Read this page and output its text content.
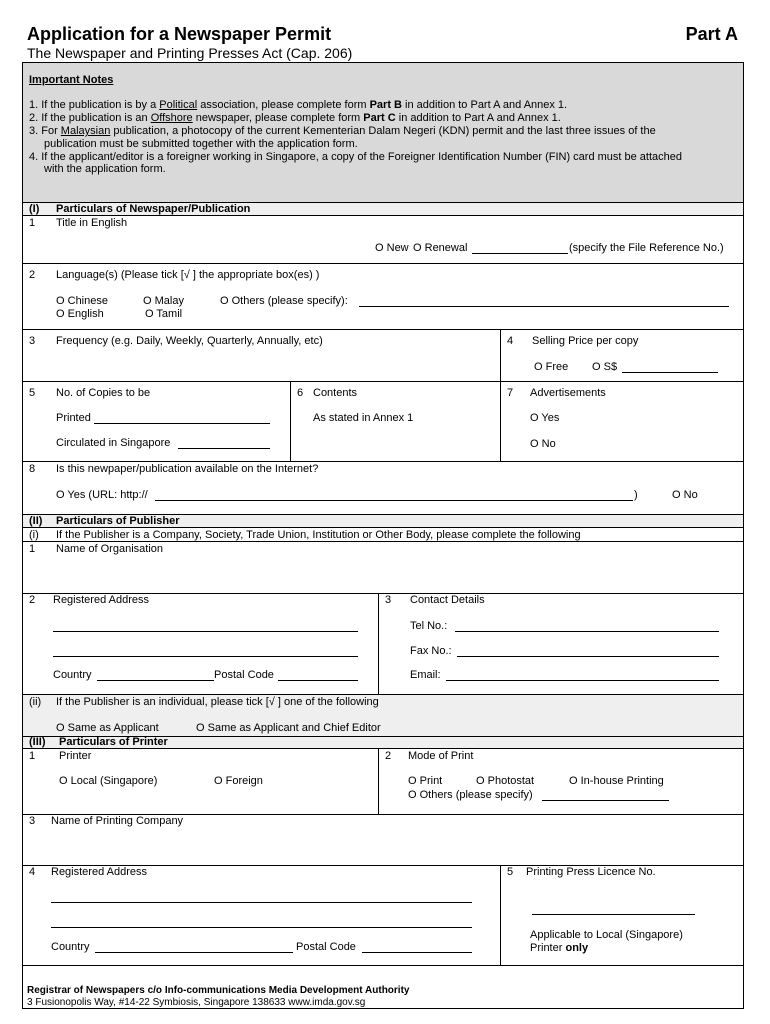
Application for a Newspaper Permit	Part A
The Newspaper and Printing Presses Act (Cap. 206)
Important Notes
1. If the publication is by a Political association, please complete form Part B in addition to Part A and Annex 1.
2. If the publication is an Offshore newspaper, please complete form Part C in addition to Part A and Annex 1.
3. For Malaysian publication, a photocopy of the current Kementerian Dalam Negeri (KDN) permit and the last three issues of the
publication must be submitted together with the application form.
4. If the applicant/editor is a foreigner working in Singapore, a copy of the Foreigner Identification Number (FIN) card must be attached
with the application form.
(I) Particulars of Newspaper/Publication
1 Title in English
O New O Renewal	(specify the File Reference No.)
2 Language(s) (Please tick [√ ] the appropriate box(es) )
O Chinese	O Malay	O Others (please specify):
O English	O Tamil
3 Frequency (e.g. Daily, Weekly, Quarterly, Annually, etc)	4 Selling Price per copy
O Free O S$
5 No. of Copies to be
Printed
Circulated in Singapore
6 Contents
As stated in Annex 1
7 Advertisements
O Yes
O No
8 Is this newpaper/publication available on the Internet?
O Yes (URL: http://	)	O No
(II) Particulars of Publisher
(i) If the Publisher is a Company, Society, Trade Union, Institution or Other Body, please complete the following
1 Name of Organisation
2 Registered Address
Country	Postal Code
3 Contact Details
Tel No.:
Fax No.:
Email:
(ii) If the Publisher is an individual, please tick [√ ] one of the following
O Same as Applicant	O Same as Applicant and Chief Editor
(III) Particulars of Printer
1 Printer
O Local (Singapore)	O Foreign
2 Mode of Print
O Print	O Photostat	O In-house Printing
O Others (please specify)
3 Name of Printing Company
4 Registered Address
Country	Postal Code
5 Printing Press Licence No.
Applicable to Local (Singapore)
Printer only
Registrar of Newspapers c/o Info-communications Media Development Authority
3 Fusionopolis Way, #14-22 Symbiosis, Singapore 138633 www.imda.gov.sg
